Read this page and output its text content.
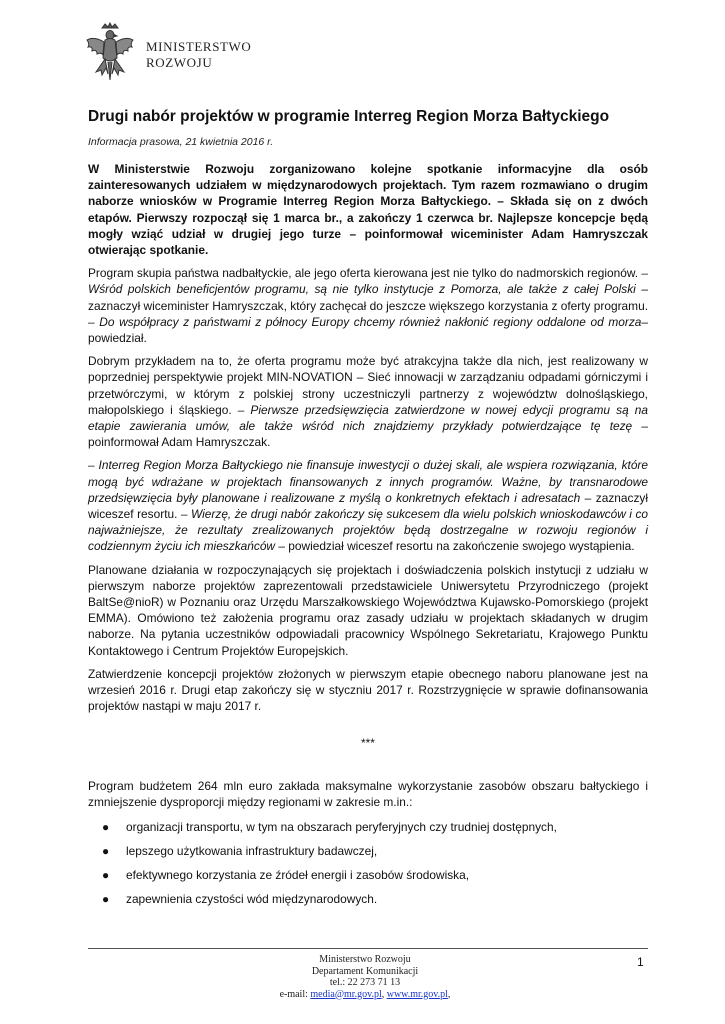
MINISTERSTWO
ROZWOJU
Drugi nabór projektów w programie Interreg Region Morza Bałtyckiego
Informacja prasowa, 21 kwietnia 2016 r.

W Ministerstwie Rozwoju zorganizowano kolejne spotkanie informacyjne dla osób zainteresowanych udziałem w międzynarodowych projektach. Tym razem rozmawiano o drugim naborze wniosków w Programie Interreg Region Morza Bałtyckiego. – Składa się on z dwóch etapów. Pierwszy rozpoczął się 1 marca br., a zakończy 1 czerwca br. Najlepsze koncepcje będą mogły wziąć udział w drugiej jego turze – poinformował wiceminister Adam Hamryszczak otwierając spotkanie.

Program skupia państwa nadbałtyckie, ale jego oferta kierowana jest nie tylko do nadmorskich regionów. – Wśród polskich beneficjentów programu, są nie tylko instytucje z Pomorza, ale także z całej Polski – zaznaczył wiceminister Hamryszczak, który zachęcał do jeszcze większego korzystania z oferty programu. – Do współpracy z państwami z północy Europy chcemy również nakłonić regiony oddalone od morza– powiedział.

Dobrym przykładem na to, że oferta programu może być atrakcyjna także dla nich, jest realizowany w poprzedniej perspektywie projekt MIN-NOVATION – Sieć innowacji w zarządzaniu odpadami górniczymi i przetwórczymi, w którym z polskiej strony uczestniczyli partnerzy z województw dolnośląskiego, małopolskiego i śląskiego. – Pierwsze przedsięwzięcia zatwierdzone w nowej edycji programu są na etapie zawierania umów, ale także wśród nich znajdziemy przykłady potwierdzające tę tezę – poinformował Adam Hamryszczak.

– Interreg Region Morza Bałtyckiego nie finansuje inwestycji o dużej skali, ale wspiera rozwiązania, które mogą być wdrażane w projektach finansowanych z innych programów. Ważne, by transnarodowe przedsięwzięcia były planowane i realizowane z myślą o konkretnych efektach i adresatach – zaznaczył wiceszef resortu. – Wierzę, że drugi nabór zakończy się sukcesem dla wielu polskich wnioskodawców i co najważniejsze, że rezultaty zrealizowanych projektów będą dostrzegalne w rozwoju regionów i codziennym życiu ich mieszkańców – powiedział wiceszef resortu na zakończenie swojego wystąpienia.

Planowane działania w rozpoczynających się projektach i doświadczenia polskich instytucji z udziału w pierwszym naborze projektów zaprezentowali przedstawiciele Uniwersytetu Przyrodniczego (projekt BaltSe@nioR) w Poznaniu oraz Urzędu Marszałkowskiego Województwa Kujawsko-Pomorskiego (projekt EMMA). Omówiono też założenia programu oraz zasady udziału w projektach składanych w drugim naborze. Na pytania uczestników odpowiadali pracownicy Wspólnego Sekretariatu, Krajowego Punktu Kontaktowego i Centrum Projektów Europejskich.

Zatwierdzenie koncepcji projektów złożonych w pierwszym etapie obecnego naboru planowane jest na wrzesień 2016 r. Drugi etap zakończy się w styczniu 2017 r. Rozstrzygnięcie w sprawie dofinansowania projektów nastąpi w maju 2017 r.

***

Program budżetem 264 mln euro zakłada maksymalne wykorzystanie zasobów obszaru bałtyckiego i zmniejszenie dysproporcji między regionami w zakresie m.in.:

● organizacji transportu, w tym na obszarach peryferyjnych czy trudniej dostępnych,
● lepszego użytkowania infrastruktury badawczej,
● efektywnego korzystania ze źródeł energii i zasobów środowiska,
● zapewnienia czystości wód międzynarodowych.
Ministerstwo Rozwoju
Departament Komunikacji
tel.: 22 273 71 13
e-mail: media@mr.gov.pl, www.mr.gov.pl,
1
